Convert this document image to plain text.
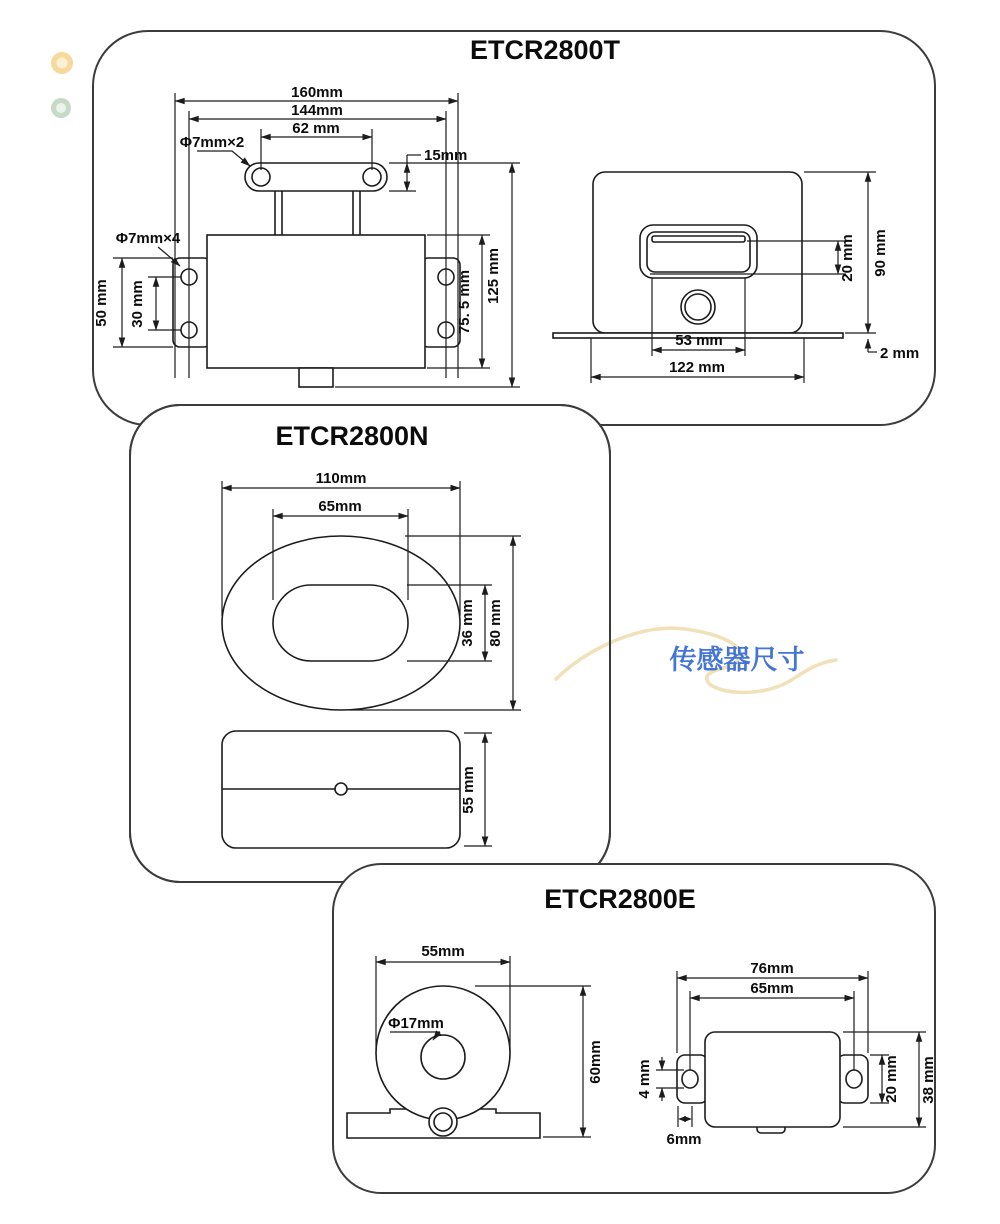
ETCR2800T
160mm
144mm
62 mm
Φ7mm×2
15mm
Φ7mm×4
50 mm 30 mm	75. 5 mm 125 mm	20 mm 90 mm
2 mm
53 mm
122 mm
ETCR2800N
110mm
65mm
36 mm 80 mm
55 mm
ETCR2800E
55mm
Φ17mm
60mm
76mm
65mm
4 mm
6mm
20 mm 38 mm
传感器尺寸
